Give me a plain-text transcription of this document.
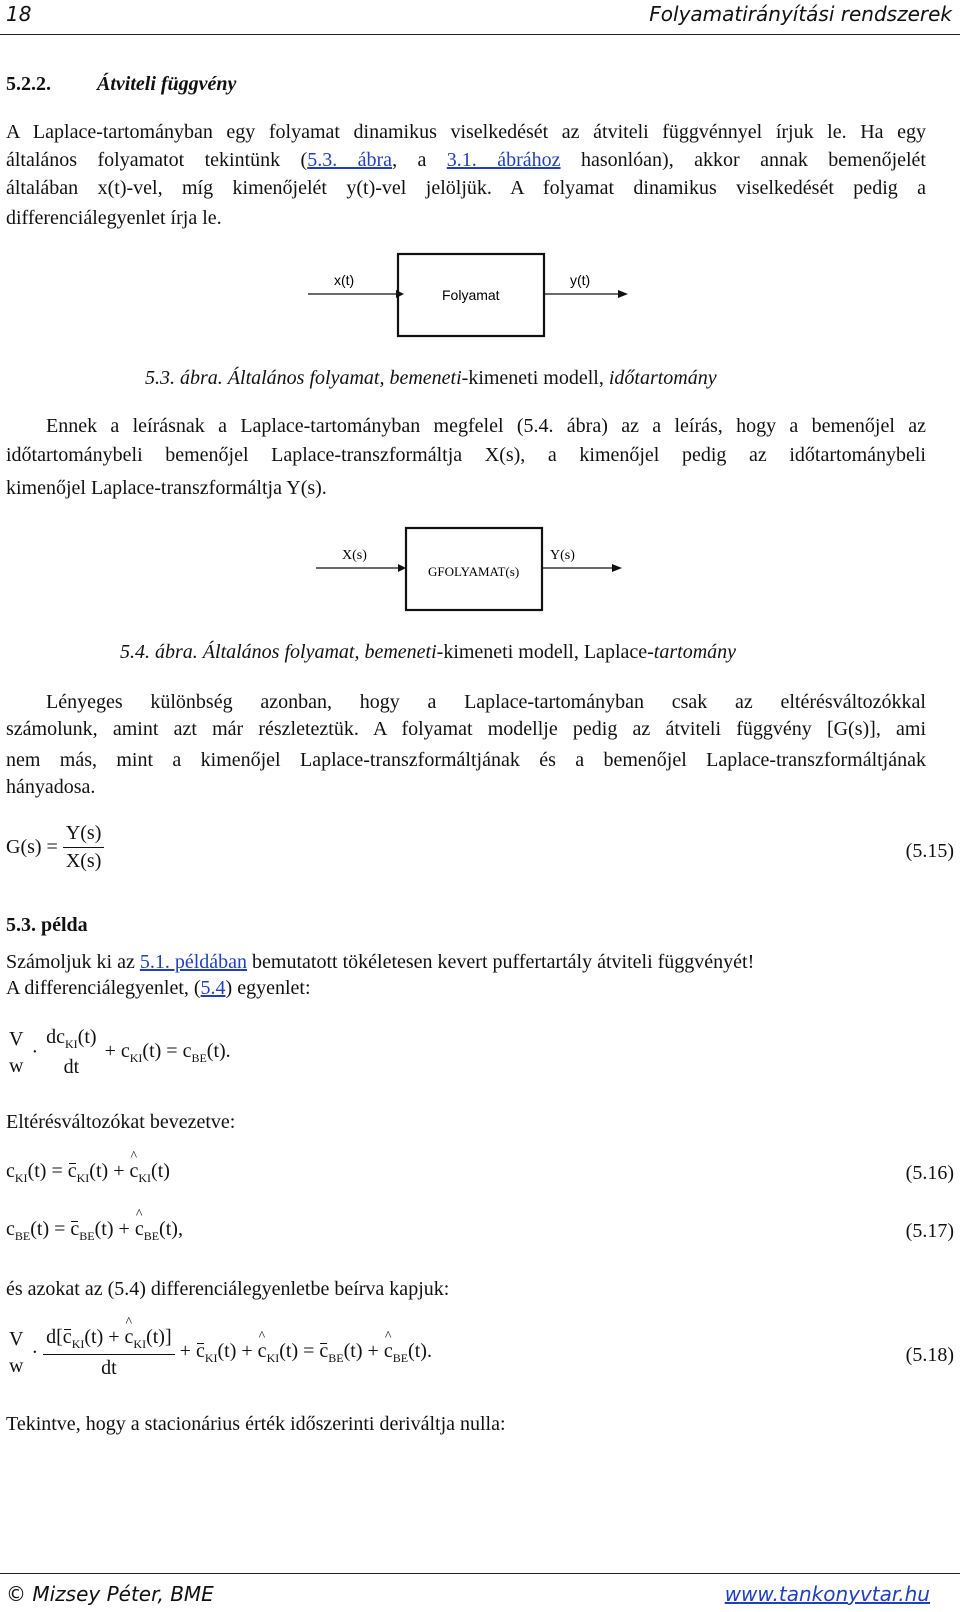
18	Folyamatirányítási rendszerek
5.2.2. Átviteli függvény
A Laplace-tartományban egy folyamat dinamikus viselkedését az átviteli függvénnyel írjuk le. Ha egy
általános folyamatot tekintünk (5.3. ábra, a 3.1. ábrához hasonlóan), akkor annak bemenőjelét
általában x(t)-vel, míg kimenőjelét y(t)-vel jelöljük. A folyamat dinamikus viselkedését pedig a
differenciálegyenlet írja le.
x(t)
Folyamat
y(t)
5.3. ábra. Általános folyamat, bemeneti-kimeneti modell, időtartomány
Ennek a leírásnak a Laplace-tartományban megfelel (5.4. ábra) az a leírás, hogy a bemenőjel az
időtartománybeli bemenőjel Laplace-transzformáltja X(s), a kimenőjel pedig az időtartománybeli
kimenőjel Laplace-transzformáltja Y(s).
X(s)
GFOLYAMAT(s)
Y(s)
5.4. ábra. Általános folyamat, bemeneti-kimeneti modell, Laplace-tartomány
Lényeges különbség azonban, hogy a Laplace-tartományban csak az eltérésváltozókkal
számolunk, amint azt már részleteztük. A folyamat modellje pedig az átviteli függvény [G(s)], ami
nem más, mint a kimenőjel Laplace-transzformáltjának és a bemenőjel Laplace-transzformáltjának
hányadosa.
$G(s) = \frac{Y(s)}{X(s)}$	(5.15)
5.3. példa
Számoljuk ki az 5.1. példában bemutatott tökéletesen kevert puffertartály átviteli függvényét!
A differenciálegyenlet, (5.4) egyenlet:
V
w
·
$dc_{KI}(t)$
dt
+ $c_{KI}(t) = c_{BE}(t)$.
Eltérésváltozókat bevezetve:
$c_{KI}(t) = c_{KI}(t)$ + ^ $c_{KI}(t)$	(5.16)
$c_{BE}(t) = c_{BE}(t)$ + ^ $c_{BE}(t)$,	(5.17)
és azokat az (5.4) differenciálegyenletbe beírva kapjuk:
V
w
· $\frac{d[c_{KI}(t) + \^{} c_{KI}(t)]}{dt} + c_{KI}(t)$ + ^ $c_{KI}(t) = c_{BE}(t)$ + ^ $c_{BE}(t)$.	(5.18)
Tekintve, hogy a stacionárius érték időszerinti deriváltja nulla:
© Mizsey Péter, BME	www.tankonyvtar.hu
